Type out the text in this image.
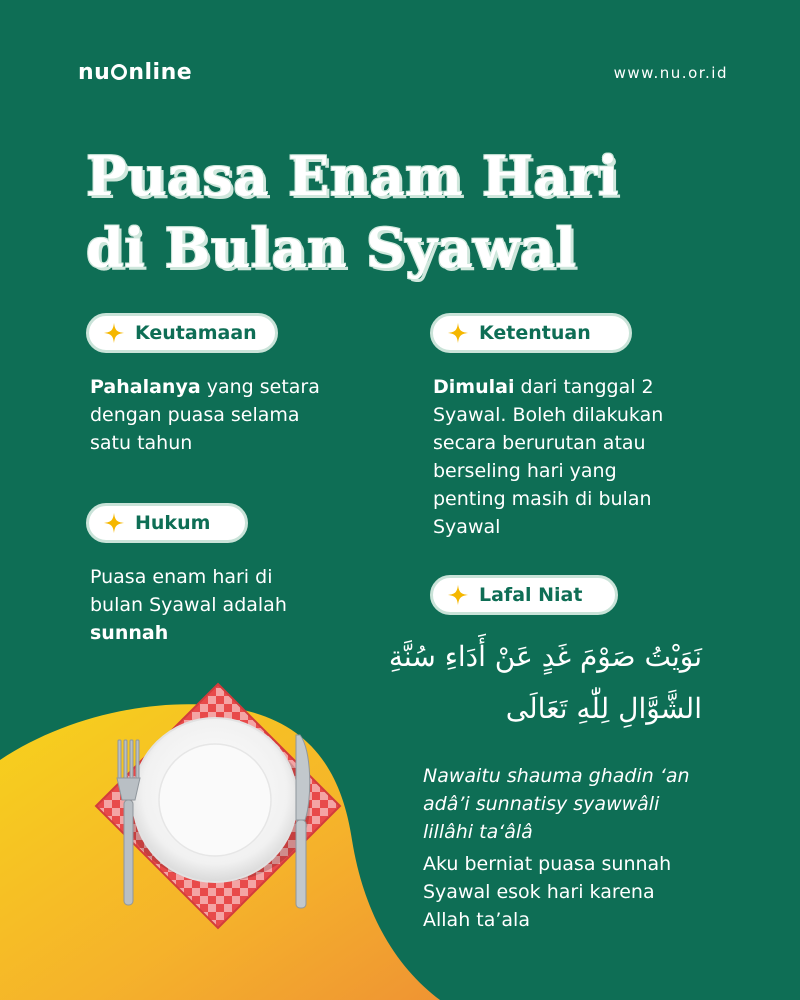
nu nline	www.nu.or.id
Puasa Enam Hari
di Bulan Syawal
Keutamaan
Pahalanya yang setara
dengan puasa selama
satu tahun
Hukum
Puasa enam hari di
bulan Syawal adalah
sunnah
Ketentuan
Dimulai dari tanggal 2
Syawal. Boleh dilakukan
secara berurutan atau
berseling hari yang
penting masih di bulan
Syawal
Lafal Niat
نَوَيْتُ صَوْمَ غَدٍ عَنْ أَدَاءِ سُنَّةِ
الشَّوَّالِ لِلّٰهِ تَعَالَى
Nawaitu shauma ghadin ‘an
adâ’i sunnatisy syawwâli
lillâhi ta‘âlâ
Aku berniat puasa sunnah
Syawal esok hari karena
Allah ta’ala
